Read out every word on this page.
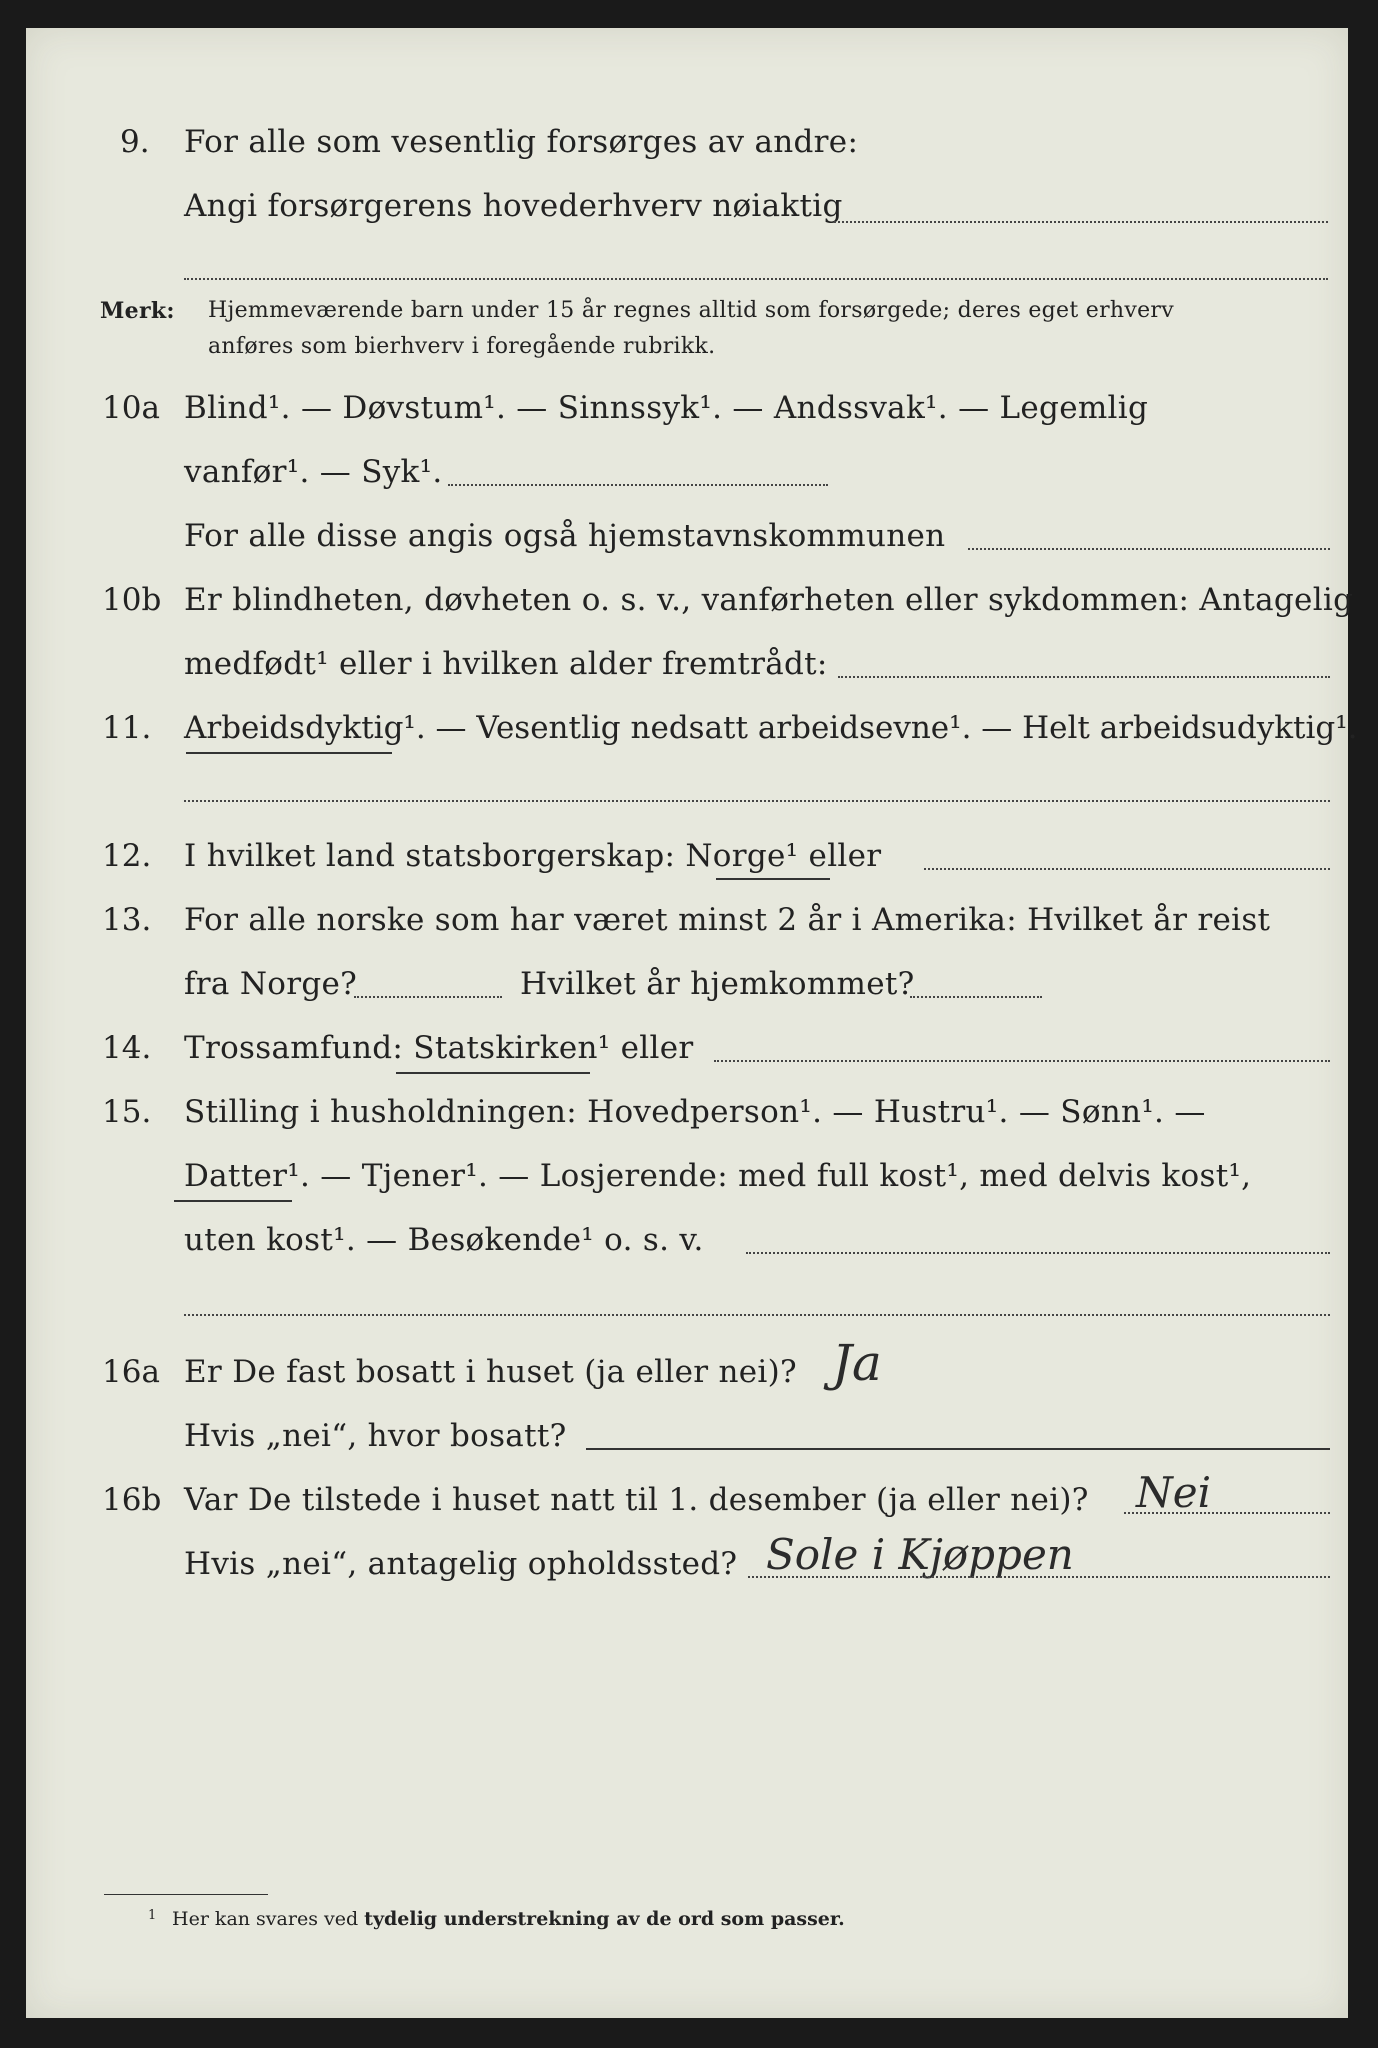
9. For alle som vesentlig forsørges av andre:
Angi forsørgerens hovederhverv nøiaktig
Merk: Hjemmeværende barn under 15 år regnes alltid som forsørgede; deres eget erhverv
anføres som bierhverv i foregående rubrikk.
10a Blind¹. — Døvstum¹. — Sinnssyk¹. — Andssvak¹. — Legemlig
vanfør¹. — Syk¹.
For alle disse angis også hjemstavnskommunen
10b Er blindheten, døvheten o. s. v., vanførheten eller sykdommen: Antagelig
medfødt¹ eller i hvilken alder fremtrådt:
11. Arbeidsdyktig¹. — Vesentlig nedsatt arbeidsevne¹. — Helt arbeidsudyktig¹.
12. I hvilket land statsborgerskap: Norge¹ eller
13. For alle norske som har været minst 2 år i Amerika: Hvilket år reist
fra Norge?	Hvilket år hjemkommet?
14. Trossamfund: Statskirken¹ eller
15. Stilling i husholdningen: Hovedperson¹. — Hustru¹. — Sønn¹. —
Datter¹. — Tjener¹. — Losjerende: med full kost¹, med delvis kost¹,
uten kost¹. — Besøkende¹ o. s. v.
16a Er De fast bosatt i huset (ja eller nei)? Ja
Hvis „nei“, hvor bosatt?
16b Var De tilstede i huset natt til 1. desember (ja eller nei)? Nei
Hvis „nei“, antagelig opholdssted? Sole i Kjøppen
1 Her kan svares ved tydelig understrekning av de ord som passer.
